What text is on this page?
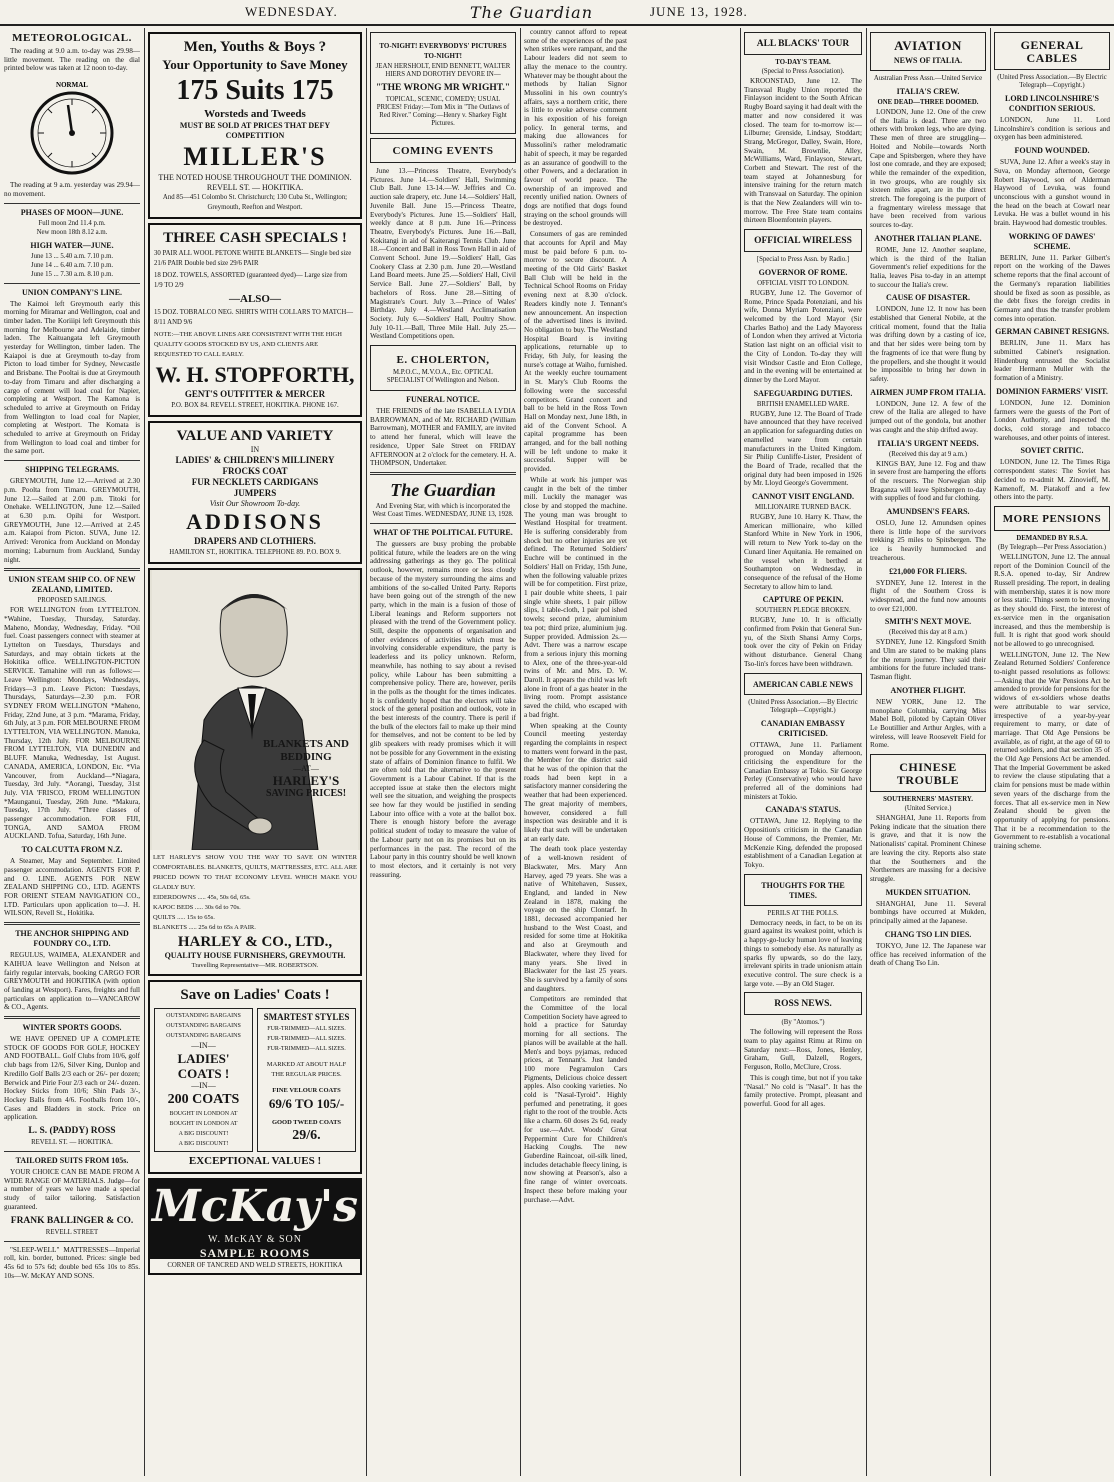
WEDNESDAY.	The Guardian	JUNE 13, 1928.
METEOROLOGICAL.

The reading at 9.0 a.m. to-day was 29.98—little movement. The reading on the dial printed below was taken at 12 noon to-day.

NORMAL

The reading at 9 a.m. yesterday was 29.94—no movement.

PHASES OF MOON—JUNE.
Full moon 2nd 11.4 p.m.
New moon 18th 8.12 a.m.
HIGH WATER—JUNE.
June 13 ... 5.40 a.m. 7.10 p.m.
June 14 ... 6.40 a.m. 7.10 p.m.
June 15 ... 7.30 a.m. 8.10 p.m.
UNION COMPANY'S LINE.

The Kaimoi left Greymouth early this morning for Miramar and Wellington, coal and timber laden. The Koriiipi left Greymouth this morning for Melbourne and Adelaide, timber laden. The Kaituangata left Greymouth yesterday for Wellington, timber laden. The Kaiapoi is due at Greymouth to-day from Picton to load timber for Sydney, Newcastle and Brisbane. The Pooltai is due at Greymouth to-day from Timaru and after discharging a cargo of cement will load coal for Napier, completing at Westport. The Kamona is scheduled to arrive at Greymouth on Friday from Wellington to load coal for Napier, completing at Westport. The Komata is scheduled to arrive at Greymouth on Friday from Wellington to load coal and timber for the same port.

SHIPPING TELEGRAMS.

GREYMOUTH, June 12.—Arrived at 2.30 p.m. Poolta from Timaru. GREYMOUTH, June 12.—Sailed at 2.00 p.m. Titoki for Onehake. WELLINGTON, June 12.—Sailed at 6.30 p.m. Opihi for Westport. GREYMOUTH, June 12.—Arrived at 2.45 a.m. Kaiapoi from Picton. SUVA, June 12. Arrived: Veronica from Auckland on Monday morning; Laburnum from Auckland, Sunday night.

UNION STEAM SHIP CO. OF NEW ZEALAND, LIMITED.
PROPOSED SAILINGS.

FOR WELLINGTON from LYTTELTON. *Wahine, Tuesday, Thursday, Saturday. Maheno, Monday, Wednesday, Friday. *Oil fuel. Coast passengers connect with steamer at Lyttelton on Tuesdays, Thursdays and Saturdays, and may obtain tickets at the Hokitika office. WELLINGTON-PICTON SERVICE. Tamahine will run as follows:—Leave Wellington: Mondays, Wednesdays, Fridays—3 p.m. Leave Picton: Tuesdays, Thursdays, Saturdays—2.30 p.m. FOR SYDNEY FROM WELLINGTON *Maheno, Friday, 22nd June, at 3 p.m. *Marama, Friday, 6th July, at 3 p.m. FOR MELBOURNE FROM LYTTELTON, VIA WELLINGTON. Manuka, Thursday, 12th July. FOR MELBOURNE FROM LYTTELTON, VIA DUNEDIN and BLUFF. Manuka, Wednesday, 1st August. CANADA, AMERICA, LONDON, Etc. *Via Vancouver, from Auckland—*Niagara, Tuesday, 3rd July. *Aorangi, Tuesday, 31st July. VIA 'FRISCO, FROM WELLINGTON *Maunganui, Tuesday, 26th June. *Makura, Tuesday, 17th July. *Three classes of passenger accommodation. FOR FIJI, TONGA, AND SAMOA FROM AUCKLAND. Tofua, Saturday, 16th June.

TO CALCUTTA FROM N.Z.

A Steamer, May and September. Limited passenger accommodation. AGENTS FOR P. and O. LINE. AGENTS FOR NEW ZEALAND SHIPPING CO., LTD. AGENTS FOR ORIENT STEAM NAVIGATION CO., LTD. Particulars upon application to—J. H. WILSON, Revell St., Hokitika.

THE ANCHOR SHIPPING AND FOUNDRY CO., LTD.

REGULUS, WAIMEA, ALEXANDER and KAIHUA leave Wellington and Nelson at fairly regular intervals, booking CARGO FOR GREYMOUTH and HOKITIKA (with option of landing at Westport). Fares, freights and full particulars on application to—VANCAROW & CO., Agents.

WINTER SPORTS GOODS.

WE HAVE OPENED UP A COMPLETE STOCK OF GOODS FOR GOLF, HOCKEY AND FOOTBALL. Golf Clubs from 10/6, golf club bags from 12/6, Silver King, Dunlop and Kredillo Golf Balls 2/3 each or 26/- per dozen; Berwick and Pirie Four 2/3 each or 24/- dozen. Hockey Sticks from 10/6; Shin Pads 3/-, Hockey Balls from 4/6. Footballs from 10/-, Cases and Bladders in stock. Price on application.

L. S. (PADDY) ROSS
REVELL ST. — HOKITIKA.
TAILORED SUITS FROM 105s.

YOUR CHOICE CAN BE MADE FROM A WIDE RANGE OF MATERIALS. Judge—for a number of years we have made a special study of tailor tailoring. Satisfaction guaranteed.

FRANK BALLINGER & CO.
REVELL STREET

"SLEEP-WELL" MATTRESSES—Imperial roll, kin. border, buttoned. Prices: single bed 45s 6d to 57s 6d; double bed 65s 10s to 85s. 10s—W. McKAY AND SONS.

Men, Youths & Boys ?
Your Opportunity to Save Money
175 Suits 175
Worsteds and Tweeds
MUST BE SOLD AT PRICES THAT DEFY COMPETITION
MILLER'S
THE NOTED HOUSE THROUGHOUT THE DOMINION. REVELL ST. — HOKITIKA.
And 85—451 Colombo St. Christchurch; 130 Cuba St., Wellington; Greymouth, Reefton and Westport.
THREE CASH SPECIALS !
30 PAIR ALL WOOL PETONE WHITE BLANKETS— Single bed size 21/6 PAIR Double bed size 29/6 PAIR
18 DOZ. TOWELS, ASSORTED (guaranteed dyed)— Large size from 1/9 TO 2/9
—ALSO—
15 DOZ. TOBRALCO NEG. SHIRTS WITH COLLARS TO MATCH— 8/11 AND 9/6
NOTE:—THE ABOVE LINES ARE CONSISTENT WITH THE HIGH QUALITY GOODS STOCKED BY US, AND CLIENTS ARE REQUESTED TO CALL EARLY.
W. H. STOPFORTH,
GENT'S OUTFITTER & MERCER
P.O. BOX 84. REVELL STREET, HOKITIKA. PHONE 167.
VALUE AND VARIETY
IN
LADIES' & CHILDREN'S MILLINERY
FROCKS COAT
FUR NECKLETS CARDIGANS
JUMPERS
Visit Our Showroom To-day.
ADDISONS
DRAPERS AND CLOTHIERS.
HAMILTON ST., HOKITIKA. TELEPHONE 89. P.O. BOX 9.
BLANKETS AND BEDDING
—AT—
HARLEY'S
SAVING PRICES!
LET HARLEY'S SHOW YOU THE WAY TO SAVE ON WINTER COMFORTABLES. BLANKETS, QUILTS, MATTRESSES, ETC. ALL ARE PRICED DOWN TO THAT ECONOMY LEVEL WHICH MAKE YOU GLADLY BUY.
EIDERDOWNS ..... 45s, 50s 6d, 65s.
KAPOC BEDS ..... 30s 6d to 70s.
QUILTS ..... 15s to 65s.
BLANKETS ..... 25s 6d to 65s A PAIR.
HARLEY & CO., LTD.,
QUALITY HOUSE FURNISHERS, GREYMOUTH.
Travelling Representative—MR. ROBERTSON.
Save on Ladies' Coats !
OUTSTANDING BARGAINS
OUTSTANDING BARGAINS
OUTSTANDING BARGAINS
—IN—
LADIES'
COATS !
—IN—
200 COATS
BOUGHT IN LONDON AT
BOUGHT IN LONDON AT
A BIG DISCOUNT!
A BIG DISCOUNT!
SMARTEST STYLES
FUR-TRIMMED—ALL SIZES.
FUR-TRIMMED—ALL SIZES.
FUR-TRIMMED—ALL SIZES.
MARKED AT ABOUT HALF THE REGULAR PRICES.
FINE VELOUR COATS
69/6 TO 105/-
GOOD TWEED COATS
29/6.
EXCEPTIONAL VALUES !
McKay's
W. McKAY & SON
SAMPLE ROOMS
CORNER OF TANCRED AND WELD STREETS, HOKITIKA
TO-NIGHT! EVERYBODYS' PICTURES TO-NIGHT!
JEAN HERSHOLT, ENID BENNETT, WALTER HIERS AND DOROTHY DEVORE IN—
"THE WRONG MR WRIGHT."
TOPICAL, SCENIC, COMEDY; USUAL PRICES! Friday:—Tom Mix in "The Outlaws of Red River." Coming:—Henry v. Sharkey Fight Pictures.
COMING EVENTS

June 13.—Princess Theatre, Everybody's Pictures. June 14.—Soldiers' Hall, Swimming Club Ball. June 13-14.—W. Jeffries and Co. auction sale drapery, etc. June 14.—Soldiers' Hall, Juvenile Ball. June 15.—Princess Theatre, Everybody's Pictures. June 15.—Soldiers' Hall, weekly dance at 8 p.m. June 16.—Princess Theatre, Everybody's Pictures. June 16.—Ball, Kokitangi in aid of Kaiterangi Tennis Club. June 18.—Concert and Ball in Ross Town Hall in aid of Convent School. June 19.—Soldiers' Hall, Gas Cookery Class at 2.30 p.m. June 20.—Westland Land Board meets. June 25.—Soldiers' Hall, Civil Service Ball. June 27.—Soldiers' Ball, by bachelors of Ross. June 28.—Sitting of Magistrate's Court. July 3.—Prince of Wales' Birthday. July 4.—Westland Acclimatisation Society. July 6.—Soldiers' Hall, Poultry Show. July 10-11.—Ball, Three Mile Hall. July 25.—Westland Competitions open.

E. CHOLERTON,
M.P.O.C., M.V.O.A., Etc. OPTICAL SPECIALIST Of Wellington and Nelson.
FUNERAL NOTICE.

THE FRIENDS of the late ISABELLA LYDIA BARROWMAN, and of Mr. RICHARD (William Barrowman), MOTHER and FAMILY, are invited to attend her funeral, which will leave the residence, Upper Sale Street on FRIDAY AFTERNOON at 2 o'clock for the cemetery. H. A. THOMPSON, Undertaker.

The Guardian
And Evening Star, with which is incorporated the West Coast Times. WEDNESDAY, JUNE 13, 1928.
WHAT OF THE POLITICAL FUTURE.

The guessers are busy probing the probable political future, while the leaders are on the wing addressing gatherings as they go. The political outlook, however, remains more or less cloudy because of the mystery surrounding the aims and ambitions of the so-called United Party. Reports have been going out of the strength of the new party, which in the main is a fusion of those of Liberal leanings and Reform supporters not pleased with the trend of the Government policy. Still, despite the opponents of organisation and other evidences of activities which must be involving considerable expenditure, the party is leaderless and its policy unknown. Reform, meanwhile, has nothing to say about a revised policy, while Labour has been submitting a comprehensive policy. There are, however, perils in the polls as the thought for the times indicates. It is confidently hoped that the electors will take stock of the general position and outlook, vote in the best interests of the country. There is peril if the bulk of the electors fail to make up their mind for themselves, and not be content to be led by glib speakers with ready promises which it will not be possible for any Government in the existing state of affairs of Dominion finance to fulfil. We are often told that the alternative to the present Government is a Labour Cabinet. If that is the accepted issue at stake then the electors might well see the situation, and weighing the prospects see how far they would be justified in sending Labour into office with a vote at the ballot box. There is enough history before the average political student of today to measure the value of the Labour party not on its promises but on its performances in the past. The record of the Labour party in this country should be well known to most electors, and it certainly is not very reassuring.

country cannot afford to repeat some of the experiences of the past when strikes were rampant, and the Labour leaders did not seem to allay the menace to the country. Whatever may be thought about the methods by Italian Signor Mussolini in his own country's affairs, says a northern critic, there is little to evoke adverse comment in his exposition of his foreign policy. In general terms, and making due allowances for Mussolini's rather melodramatic habit of speech, it may be regarded as an assurance of goodwill to the other Powers, and a declaration in favour of world peace. The ownership of an improved and recently unified nation. Owners of dogs are notified that dogs found straying on the school grounds will be destroyed.

Consumers of gas are reminded that accounts for April and May must be paid before 6 p.m. to-morrow to secure discount. A meeting of the Old Girls' Basket Ball Club will be held in the Technical School Rooms on Friday evening next at 8.30 o'clock. Readers kindly note J. Tennant's new announcement. An inspection of the advertised lines is invited. No obligation to buy. The Westland Hospital Board is inviting applications, returnable up to Friday, 6th July, for leasing the nurse's cottage at Waiho, furnished. At the weekly euchre tournament in St. Mary's Club Rooms the following were the successful competitors. Grand concert and ball to be held in the Ross Town Hall on Monday next, June 18th, in aid of the Convent School. A capital programme has been arranged, and for the ball nothing will be left undone to make it successful. Supper will be provided.

While at work his jumper was caught in the belt of the timber mill. Luckily the manager was close by and stopped the machine. The young man was brought to Westland Hospital for treatment. He is suffering considerably from shock but no other injuries are yet defined. The Returned Soldiers' Euchre will be continued in the Soldiers' Hall on Friday, 15th June, when the following valuable prizes will be for competition. First prize, 1 pair double white sheets, 1 pair single white sheets, 1 pair pillow slips, 1 table-cloth, 1 pair pol ished towels; second prize, aluminium tea pot; third prize, aluminium jug. Supper provided. Admission 2s.—Advt. There was a narrow escape from a serious injury this morning to Alex, one of the three-year-old twins of Mr. and Mrs. D. W. Daroll. It appears the child was left alone in front of a gas heater in the living room. Prompt assistance saved the child, who escaped with a bad fright.

When speaking at the County Council meeting yesterday regarding the complaints in respect to matters went forward in the past, the Member for the district said that he was of the opinion that the roads had been kept in a satisfactory manner considering the weather that had been experienced. The great majority of members, however, considered a full inspection was desirable and it is likely that such will be undertaken at an early date.

The death took place yesterday of a well-known resident of Blackwater, Mrs. Mary Ann Harvey, aged 79 years. She was a native of Whitehaven, Sussex, England, and landed in New Zealand in 1878, making the voyage on the ship Clontarf. In 1881, deceased accompanied her husband to the West Coast, and resided for some time at Hokitika and also at Greymouth and Blackwater, where they lived for many years. She lived in Blackwater for the last 25 years. She is survived by a family of sons and daughters.

Competitors are reminded that the Committee of the local Competition Society have agreed to hold a practice for Saturday morning for all sections. The pianos will be available at the hall. Men's and boys pyjamas, reduced prices, at Tennant's. Just landed 100 more Pegramulon Cars Pigments, Delicious choice dessert apples. Also cooking varieties. No cold is "Nasal-Tyroid". Highly perfumed and penetrating, it goes right to the root of the trouble. Acts like a charm. 60 doses 2s 6d, ready for use.—Advt. Woods' Great Peppermint Cure for Children's Hacking Coughs. The new Guberdine Raincoat, oil-silk lined, includes detachable fleecy lining, is now showing at Pearson's, also a fine range of winter overcoats. Inspect these before making your purchase.—Advt.

ALL BLACKS' TOUR
TO-DAY'S TEAM.
(Special to Press Association).

KROONSTAD, June 12. The Transvaal Rugby Union reported the Finlayson incident to the South African Rugby Board saying it had dealt with the matter and now considered it was closed. The team for to-morrow is:—Lilburne; Grenside, Lindsay, Stoddart; Strang, McGregor, Dalley, Swain, Hore, Swain, M. Brownlie, Alley, McWilliams, Ward, Finlayson, Stewart, Corbett and Stewart. The rest of the team stayed at Johannesburg for intensive training for the return match with Transvaal on Saturday. The opinion is that the New Zealanders will win to-morrow. The Free State team contains thirteen Bloemfontein players.

OFFICIAL WIRELESS
[Special to Press Assn. by Radio.]
GOVERNOR OF ROME.
OFFICIAL VISIT TO LONDON.

RUGBY, June 12. The Governor of Rome, Prince Spada Potenziani, and his wife, Donna Myriam Potenziani, were welcomed by the Lord Mayor (Sir Charles Batho) and the Lady Mayoress of London when they arrived at Victoria Station last night on an official visit to the City of London. To-day they will visit Windsor Castle and Eton College, and in the evening will be entertained at dinner by the Lord Mayor.

SAFEGUARDING DUTIES.
BRITISH ENAMELLED WARE.

RUGBY, June 12. The Board of Trade have announced that they have received an application for safeguarding duties on enamelled ware from certain manufacturers in the United Kingdom. Sir Philip Cunliffe-Lister, President of the Board of Trade, recalled that the original duty had been imposed in 1926 by Mr. Lloyd George's Government.

CANNOT VISIT ENGLAND.
MILLIONAIRE TURNED BACK.

RUGBY, June 10. Harry K. Thaw, the American millionaire, who killed Stanford White in New York in 1906, will return to New York to-day on the Cunard liner Aquitania. He remained on the vessel when it berthed at Southampton on Wednesday, in consequence of the refusal of the Home Secretary to allow him to land.

CAPTURE OF PEKIN.
SOUTHERN PLEDGE BROKEN.

RUGBY, June 10. It is officially confirmed from Pekin that General Sun-yu, of the Sixth Shansi Army Corps, took over the city of Pekin on Friday without disturbance. General Chang Tso-lin's forces have been withdrawn.

AMERICAN CABLE NEWS
(United Press Association.—By Electric Telegraph—Copyright.)
CANADIAN EMBASSY CRITICISED.

OTTAWA, June 11. Parliament prorogued on Monday afternoon, criticising the expenditure for the Canadian Embassy at Tokio. Sir George Perley (Conservative) who would have preferred all of the dominions had ministers at Tokio.

CANADA'S STATUS.

OTTAWA, June 12. Replying to the Opposition's criticism in the Canadian House of Commons, the Premier, Mr. McKenzie King, defended the proposed establishment of a Canadian Legation at Tokyo.

THOUGHTS FOR THE TIMES.
PERILS AT THE POLLS.

Democracy needs, in fact, to be on its guard against its weakest point, which is a happy-go-lucky human love of leaving things to somebody else. As naturally as sparks fly upwards, so do the lazy, irrelevant spirits in trade unionism attain executive control. The sure check is a large vote. —By an Old Stager.

ROSS NEWS.
(By "Atomos.")

The following will represent the Ross team to play against Rimu at Rimu on Saturday next:—Ross, Jones, Henley, Graham, Gull, Dalzell, Rogers, Ferguson, Rollo, McClure, Cross.

This is cough time, but not if you take "Nasal." No cold is "Nasal". It has the family protective. Prompt, pleasant and powerful. Good for all ages.

AVIATION
NEWS OF ITALIA.
Australian Press Assn.—United Service
ITALIA'S CREW.
ONE DEAD—THREE DOOMED.

LONDON, June 12. One of the crew of the Italia is dead. Three are two others with broken legs, who are dying. These men of three are struggling—Hoited and Nobile—towards North Cape and Spitsbergen, where they have lost one comrade, and they are exposed; while the remainder of the expedition, in two groups, who are roughly six sixteen miles apart, are in the direct stretch. The foregoing is the purport of a fragmentary wireless message that have been received from various sources to-day.

ANOTHER ITALIAN PLANE.

ROME, June 12. Another seaplane, which is the third of the Italian Government's relief expeditions for the Italia, leaves Pisa to-day in an attempt to succour the Italia's crew.

CAUSE OF DISASTER.

LONDON, June 12. It now has been established that General Nobile, at the critical moment, found that the Italia was drifting down by a casting of ice, and that her sides were being torn by the fragments of ice that were flung by the propellers, and she thought it would be impossible to bring her down in safety.

AIRMEN JUMP FROM ITALIA.

LONDON, June 12. A few of the crew of the Italia are alleged to have jumped out of the gondola, but another was caught and the ship drifted away.

ITALIA'S URGENT NEEDS.
(Received this day at 9 a.m.)

KINGS BAY, June 12. Fog and thaw in severe frost are hampering the efforts of the rescuers. The Norwegian ship Braganza will leave Spitsbergen to-day with supplies of food and fur clothing.

AMUNDSEN'S FEARS.

OSLO, June 12. Amundsen opines there is little hope of the survivors trekking 25 miles to Spitsbergen. The ice is heavily hummocked and treacherous.

£21,000 FOR FLIERS.

SYDNEY, June 12. Interest in the flight of the Southern Cross is widespread, and the fund now amounts to over £21,000.

SMITH'S NEXT MOVE.
(Received this day at 8 a.m.)

SYDNEY, June 12. Kingsford Smith and Ulm are stated to be making plans for the return journey. They said their ambitions for the future included trans-Tasman flight.

ANOTHER FLIGHT.

NEW YORK, June 12. The monoplane Columbia, carrying Miss Mabel Boll, piloted by Captain Oliver Le Boutillier and Arthur Argles, with a wireless, will leave Roosevelt Field for Rome.

CHINESE TROUBLE
SOUTHERNERS' MASTERY.
(United Service.)

SHANGHAI, June 11. Reports from Peking indicate that the situation there is grave, and that it is now the Nationalists' capital. Prominent Chinese are leaving the city. Reports also state that the Southerners and the Northerners are massing for a decisive struggle.

MUKDEN SITUATION.

SHANGHAI, June 11. Several bombings have occurred at Mukden, principally aimed at the Japanese.

CHANG TSO LIN DIES.

TOKYO, June 12. The Japanese war office has received information of the death of Chang Tso Lin.

GENERAL CABLES
(United Press Association.—By Electric Telegraph—Copyright.)
LORD LINCOLNSHIRE'S CONDITION SERIOUS.

LONDON, June 11. Lord Lincolnshire's condition is serious and oxygen has been administered.

FOUND WOUNDED.

SUVA, June 12. After a week's stay in Suva, on Monday afternoon, George Robert Haywood, son of Alderman Haywood of Levuka, was found unconscious with a gunshot wound in the head on the beach at Cowarl near Levuka. He was a bullet wound in his brain. Haywood had domestic troubles.

WORKING OF DAWES' SCHEME.

BERLIN, June 11. Parker Gilbert's report on the working of the Dawes scheme reports that the final account of the Germany's reparation liabilities should be fixed as soon as possible, as the debt fixes the foreign credits in Germany and thus the transfer problem comes into operation.

GERMAN CABINET RESIGNS.

BERLIN, June 11. Marx has submitted Cabinet's resignation. Hindenburg entrusted the Socialist leader Hermann Muller with the formation of a Ministry.

DOMINION FARMERS' VISIT.

LONDON, June 12. Dominion farmers were the guests of the Port of London Authority, and inspected the docks, cold storage and tobacco warehouses, and other points of interest.

SOVIET CRITIC.

LONDON, June 12. The Times Riga correspondent states: The Soviet has decided to re-admit M. Zinovieff, M. Kamenoff, M. Piatakoff and a few others into the party.

MORE PENSIONS
DEMANDED BY R.S.A.
(By Telegraph—Per Press Association.)

WELLINGTON, June 12. The annual report of the Dominion Council of the R.S.A. opened to-day, Sir Andrew Russell presiding. The report, in dealing with membership, states it is now more or less static. Things seem to be moving as they should do. First, the interest of ex-service men in the organisation increased, and thus the membership is full. It is right that good work should not be allowed to go unrecognised.

WELLINGTON, June 12. The New Zealand Returned Soldiers' Conference to-night passed resolutions as follows:—Asking that the War Pensions Act be amended to provide for pensions for the widows of ex-soldiers whose deaths were attributable to war service, irrespective of a year-by-year requirement to marry, or date of marriage. That Old Age Pensions be available, as of right, at the age of 60 to returned soldiers, and that section 35 of the Old Age Pensions Act be amended. That the Imperial Government be asked to review the clause stipulating that a claim for pensions must be made within seven years of the discharge from the forces. That all ex-service men in New Zealand should be given the opportunity of applying for pensions. That it be a recommendation to the Government to re-establish a vocational training scheme.
